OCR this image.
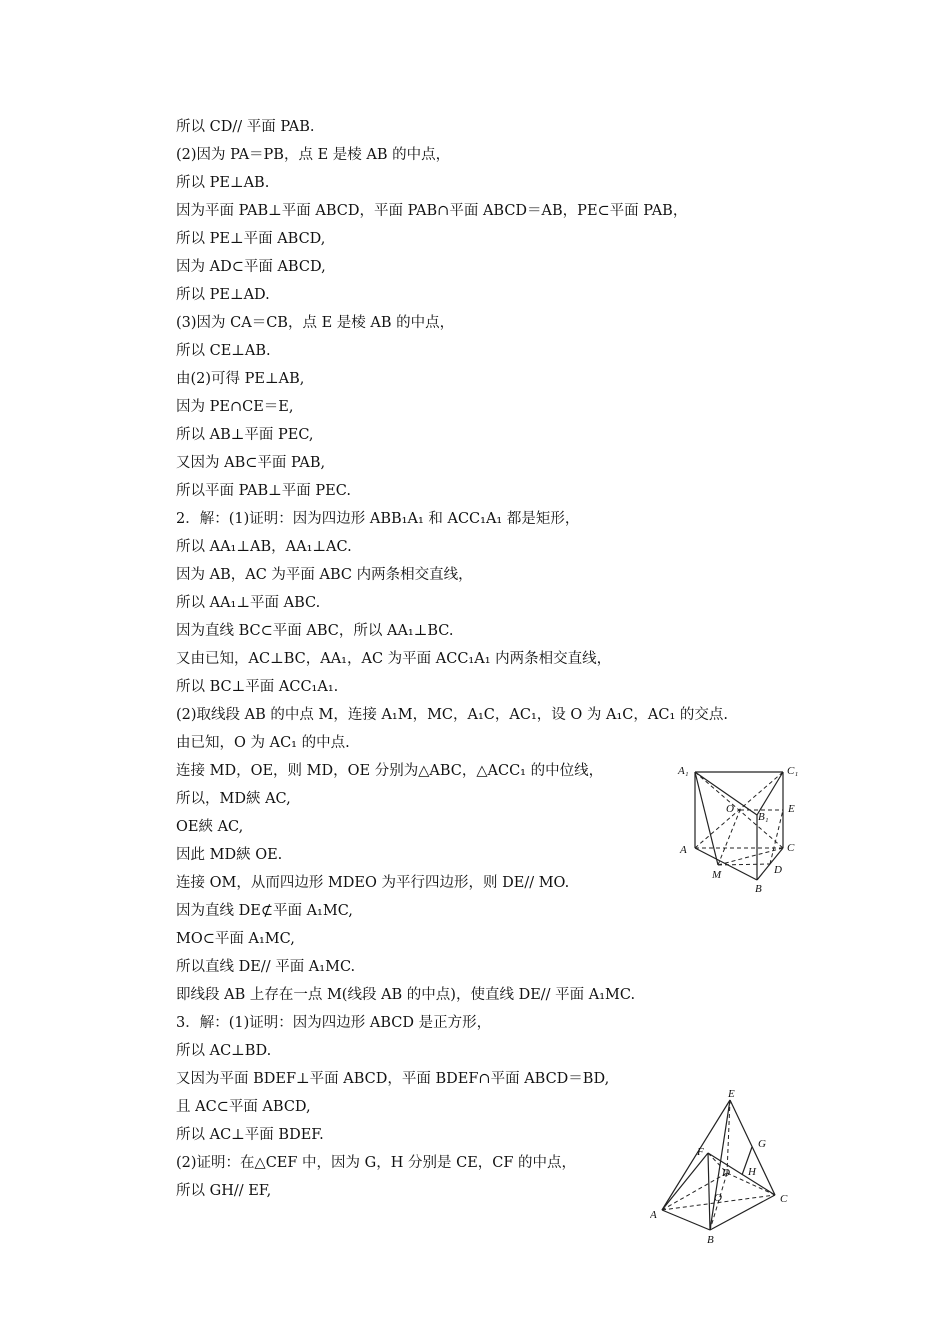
所以 CD// 平面 PAB.
(2)因为 PA＝PB，点 E 是棱 AB 的中点，
所以 PE⊥AB.
因为平面 PAB⊥平面 ABCD，平面 PAB∩平面 ABCD＝AB，PE⊂平面 PAB，
所以 PE⊥平面 ABCD,
因为 AD⊂平面 ABCD,
所以 PE⊥AD.
(3)因为 CA＝CB，点 E 是棱 AB 的中点，
所以 CE⊥AB.
由(2)可得 PE⊥AB,
因为 PE∩CE＝E,
所以 AB⊥平面 PEC,
又因为 AB⊂平面 PAB,
所以平面 PAB⊥平面 PEC.
2．解：(1)证明：因为四边形 ABB₁A₁ 和 ACC₁A₁ 都是矩形，
所以 AA₁⊥AB，AA₁⊥AC.
因为 AB，AC 为平面 ABC 内两条相交直线，
所以 AA₁⊥平面 ABC.
因为直线 BC⊂平面 ABC，所以 AA₁⊥BC.
又由已知，AC⊥BC，AA₁，AC 为平面 ACC₁A₁ 内两条相交直线，
所以 BC⊥平面 ACC₁A₁.
(2)取线段 AB 的中点 M，连接 A₁M，MC，A₁C，AC₁，设 O 为 A₁C，AC₁ 的交点.
由已知，O 为 AC₁ 的中点.
连接 MD，OE，则 MD，OE 分别为△ABC，△ACC₁ 的中位线，
所以，MD綊 AC,
OE綊 AC,
因此 MD綊 OE.
连接 OM，从而四边形 MDEO 为平行四边形，则 DE// MO.
因为直线 DE⊄平面 A₁MC,
MO⊂平面 A₁MC,
所以直线 DE// 平面 A₁MC.
即线段 AB 上存在一点 M(线段 AB 的中点)，使直线 DE// 平面 A₁MC.
3．解：(1)证明：因为四边形 ABCD 是正方形，
所以 AC⊥BD.
又因为平面 BDEF⊥平面 ABCD，平面 BDEF∩平面 ABCD＝BD,
且 AC⊂平面 ABCD,
所以 AC⊥平面 BDEF.
(2)证明：在△CEF 中，因为 G，H 分别是 CE，CF 的中点，
所以 GH// EF,
A₁	C₁
O
B₁
E
A	C
M	D
B
E
G
F
D H
O
A
C
B
